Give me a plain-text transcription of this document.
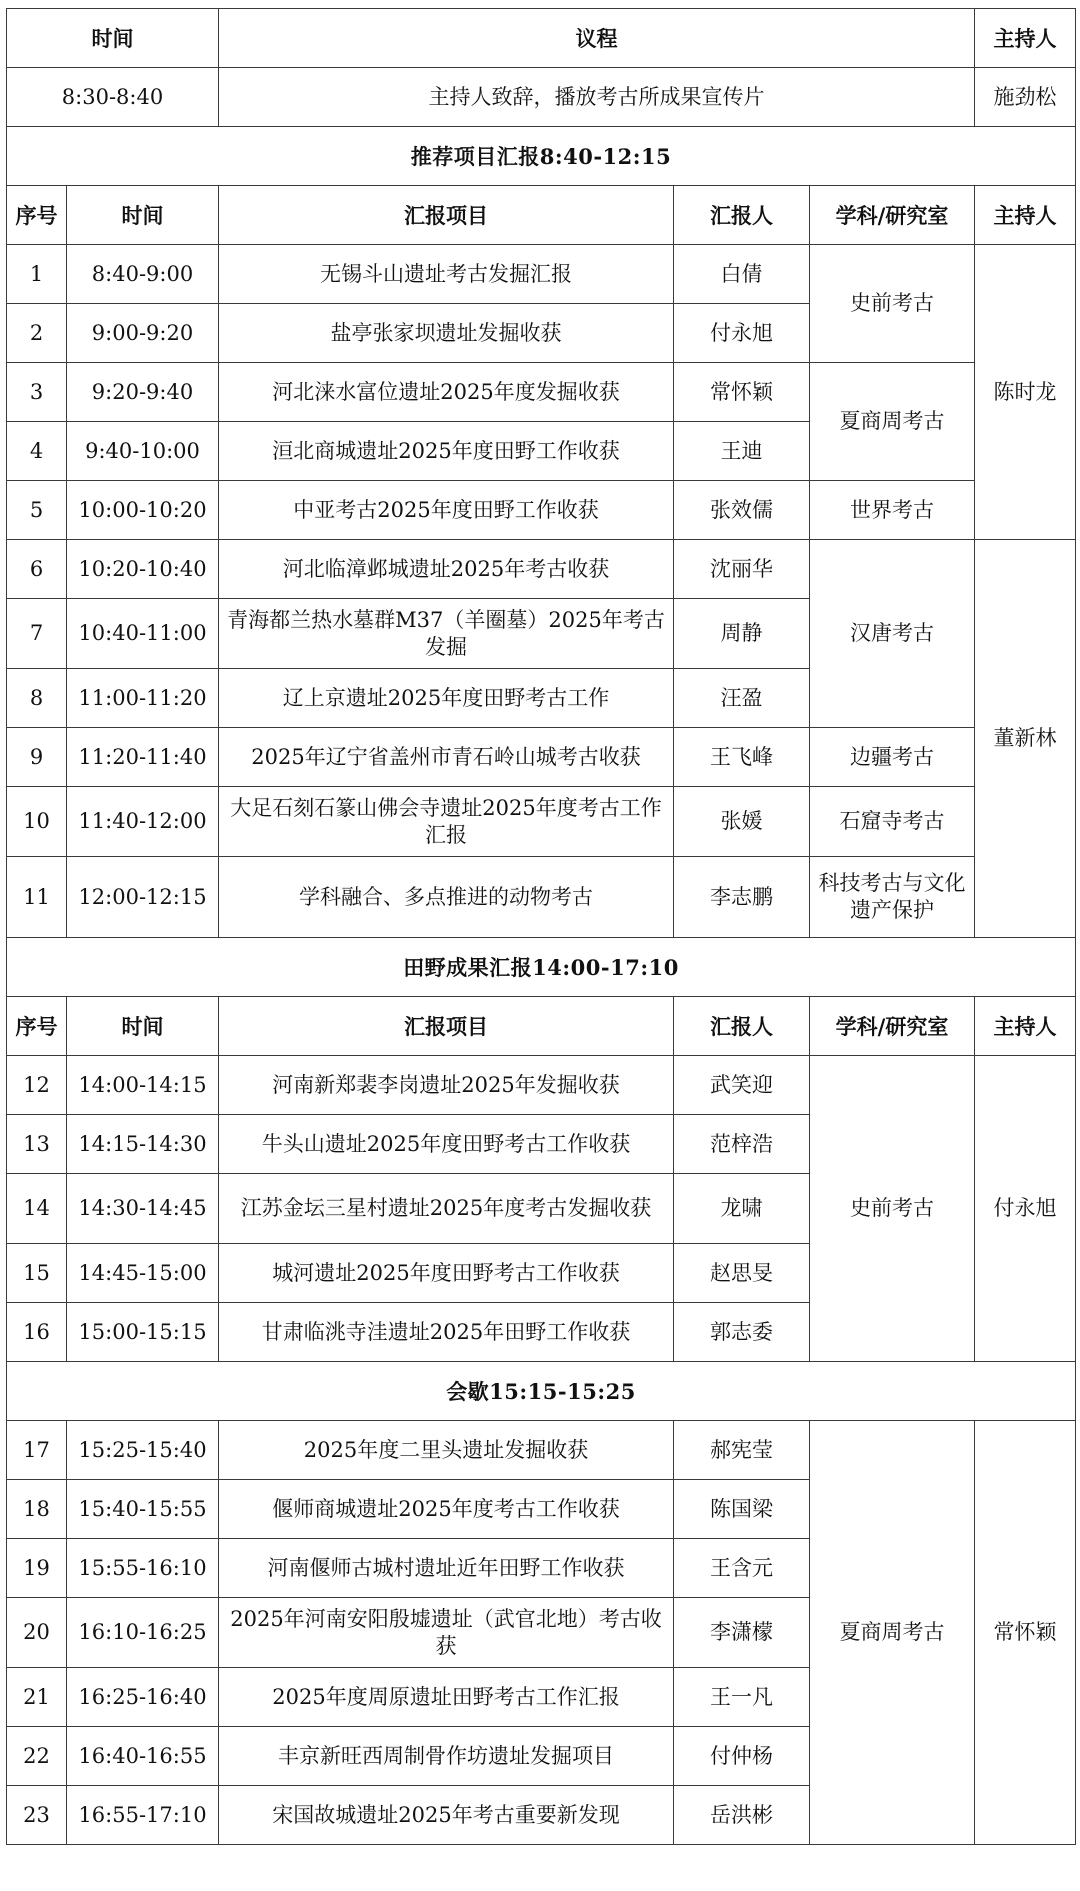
时间		议程			主持人
8:30-8:40		主持人致辞，播放考古所成果宣传片			施劲松
推荐项目汇报8:40-12:15					
序号	时间	汇报项目	汇报人	学科/研究室	主持人
1	8:40-9:00	无锡斗山遗址考古发掘汇报	白倩	史前考古	陈时龙
2	9:00-9:20	盐亭张家坝遗址发掘收获	付永旭		
3	9:20-9:40	河北涞水富位遗址2025年度发掘收获	常怀颖	夏商周考古	
4	9:40-10:00	洹北商城遗址2025年度田野工作收获	王迪		
5	10:00-10:20	中亚考古2025年度田野工作收获	张效儒	世界考古	
6	10:20-10:40	河北临漳邺城遗址2025年考古收获	沈丽华	汉唐考古	董新林
7	10:40-11:00	青海都兰热水墓群M37（羊圈墓）2025年考古发掘	周静		
8	11:00-11:20	辽上京遗址2025年度田野考古工作	汪盈		
9	11:20-11:40	2025年辽宁省盖州市青石岭山城考古收获	王飞峰	边疆考古	
10	11:40-12:00	大足石刻石篆山佛会寺遗址2025年度考古工作汇报	张媛	石窟寺考古	
11	12:00-12:15	学科融合、多点推进的动物考古	李志鹏	科技考古与文化遗产保护	
田野成果汇报14:00-17:10					
序号	时间	汇报项目	汇报人	学科/研究室	主持人
12	14:00-14:15	河南新郑裴李岗遗址2025年发掘收获	武笑迎	史前考古	付永旭
13	14:15-14:30	牛头山遗址2025年度田野考古工作收获	范梓浩		
14	14:30-14:45	江苏金坛三星村遗址2025年度考古发掘收获	龙啸		
15	14:45-15:00	城河遗址2025年度田野考古工作收获	赵思旻		
16	15:00-15:15	甘肃临洮寺洼遗址2025年田野工作收获	郭志委		
会歇15:15-15:25					
17	15:25-15:40	2025年度二里头遗址发掘收获	郝宪莹	夏商周考古	常怀颖
18	15:40-15:55	偃师商城遗址2025年度考古工作收获	陈国梁		
19	15:55-16:10	河南偃师古城村遗址近年田野工作收获	王含元		
20	16:10-16:25	2025年河南安阳殷墟遗址（武官北地）考古收获	李潇檬		
21	16:25-16:40	2025年度周原遗址田野考古工作汇报	王一凡		
22	16:40-16:55	丰京新旺西周制骨作坊遗址发掘项目	付仲杨		
23	16:55-17:10	宋国故城遗址2025年考古重要新发现	岳洪彬		
